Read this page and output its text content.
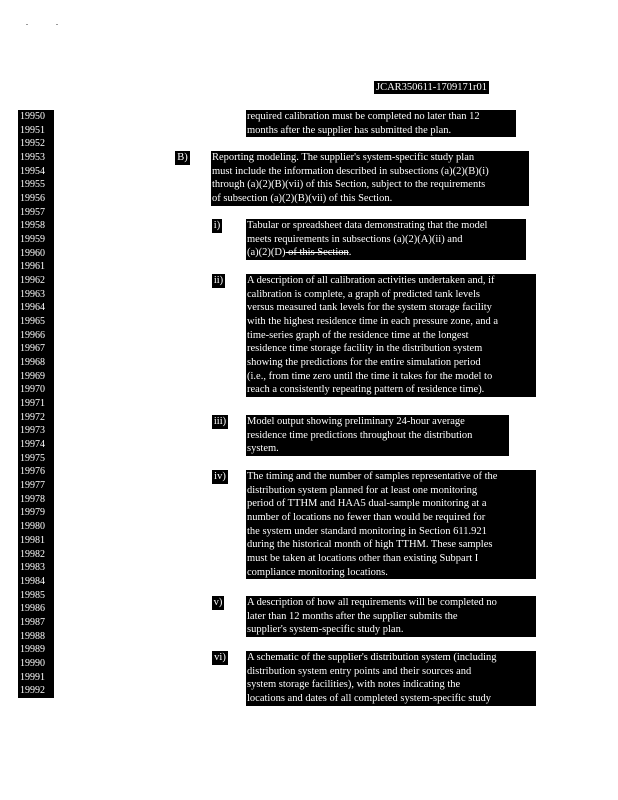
JCAR350611-1709171r01
19950
19951
19952
19953
19954
19955
19956
19957
19958
19959
19960
19961
19962
19963
19964
19965
19966
19967
19968
19969
19970
19971
19972
19973
19974
19975
19976
19977
19978
19979
19980
19981
19982
19983
19984
19985
19986
19987
19988
19989
19990
19991
19992
required calibration must be completed no later than 12
months after the supplier has submitted the plan.
B) Reporting modeling. The supplier's system-specific study plan
must include the information described in subsections (a)(2)(B)(i)
through (a)(2)(B)(vii) of this Section, subject to the requirements
of subsection (a)(2)(B)(vii) of this Section.
i)	Tabular or spreadsheet data demonstrating that the model
meets requirements in subsections (a)(2)(A)(ii) and
(a)(2)(D) of this Section.
ii) A description of all calibration activities undertaken and, if
calibration is complete, a graph of predicted tank levels
versus measured tank levels for the system storage facility
with the highest residence time in each pressure zone, and a
time-series graph of the residence time at the longest
residence time storage facility in the distribution system
showing the predictions for the entire simulation period
(i.e., from time zero until the time it takes for the model to
reach a consistently repeating pattern of residence time).
iii) Model output showing preliminary 24-hour average
residence time predictions throughout the distribution
system.
iv) The timing and the number of samples representative of the
distribution system planned for at least one monitoring
period of TTHM and HAA5 dual-sample monitoring at a
number of locations no fewer than would be required for
the system under standard monitoring in Section 611.921
during the historical month of high TTHM. These samples
must be taken at locations other than existing Subpart I
compliance monitoring locations.
v) A description of how all requirements will be completed no
later than 12 months after the supplier submits the
supplier's system-specific study plan.
vi) A schematic of the supplier's distribution system (including
distribution system entry points and their sources and
system storage facilities), with notes indicating the
locations and dates of all completed system-specific study
